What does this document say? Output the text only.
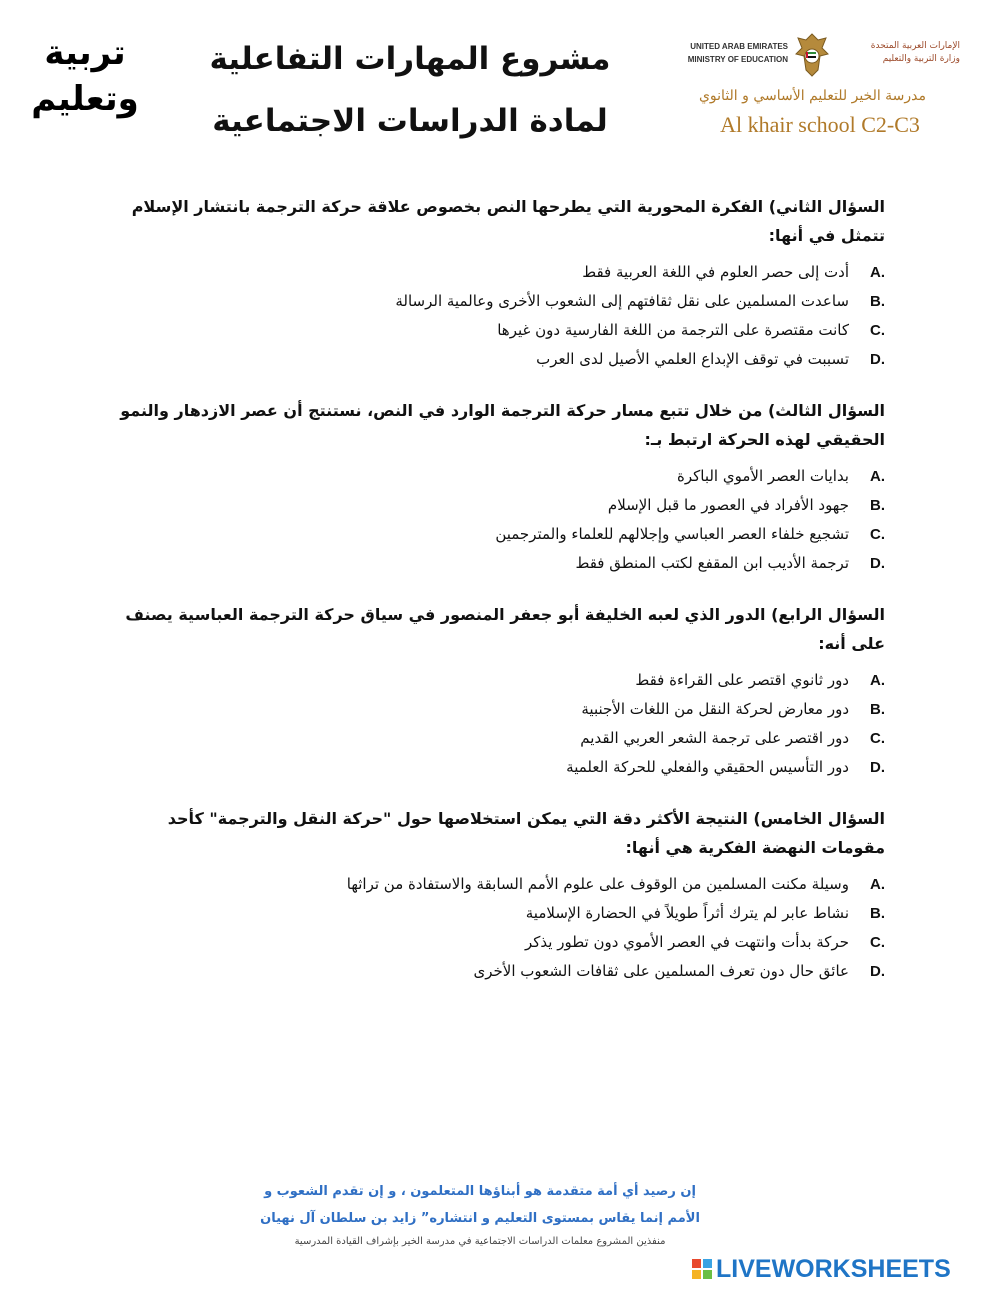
تربية
وتعليم
مشروع المهارات التفاعلية
لمادة الدراسات الاجتماعية
UNITED ARAB EMIRATES
MINISTRY OF EDUCATION
الإمارات العربية المتحدة
وزارة التربية والتعليم
مدرسة الخير للتعليم الأساسي و الثانوي
Al khair school C2-C3

السؤال الثاني) الفكرة المحورية التي يطرحها النص بخصوص علاقة حركة الترجمة بانتشار الإسلام تتمثل في أنها:

A.
أدت إلى حصر العلوم في اللغة العربية فقط
B.
ساعدت المسلمين على نقل ثقافتهم إلى الشعوب الأخرى وعالمية الرسالة
C.
كانت مقتصرة على الترجمة من اللغة الفارسية دون غيرها
D.
تسببت في توقف الإبداع العلمي الأصيل لدى العرب

السؤال الثالث) من خلال تتبع مسار حركة الترجمة الوارد في النص، نستنتج أن عصر الازدهار والنمو الحقيقي لهذه الحركة ارتبط بـ:

A.
بدايات العصر الأموي الباكرة
B.
جهود الأفراد في العصور ما قبل الإسلام
C.
تشجيع خلفاء العصر العباسي وإجلالهم للعلماء والمترجمين
D.
ترجمة الأديب ابن المقفع لكتب المنطق فقط

السؤال الرابع) الدور الذي لعبه الخليفة أبو جعفر المنصور في سياق حركة الترجمة العباسية يصنف على أنه:

A.
دور ثانوي اقتصر على القراءة فقط
B.
دور معارض لحركة النقل من اللغات الأجنبية
C.
دور اقتصر على ترجمة الشعر العربي القديم
D.
دور التأسيس الحقيقي والفعلي للحركة العلمية

السؤال الخامس) النتيجة الأكثر دقة التي يمكن استخلاصها حول "حركة النقل والترجمة" كأحد مقومات النهضة الفكرية هي أنها:

A.
وسيلة مكنت المسلمين من الوقوف على علوم الأمم السابقة والاستفادة من تراثها
B.
نشاط عابر لم يترك أثراً طويلاً في الحضارة الإسلامية
C.
حركة بدأت وانتهت في العصر الأموي دون تطور يذكر
D.
عائق حال دون تعرف المسلمين على ثقافات الشعوب الأخرى
إن رصيد أي أمة متقدمة هو أبناؤها المتعلمون ، و إن تقدم الشعوب و
الأمم إنما يقاس بمستوى التعليم و انتشاره” زايد بن سلطان آل نهيان
منفذين المشروع معلمات الدراسات الاجتماعية في مدرسة الخير بإشراف القيادة المدرسية
LIVEWORKSHEETS
